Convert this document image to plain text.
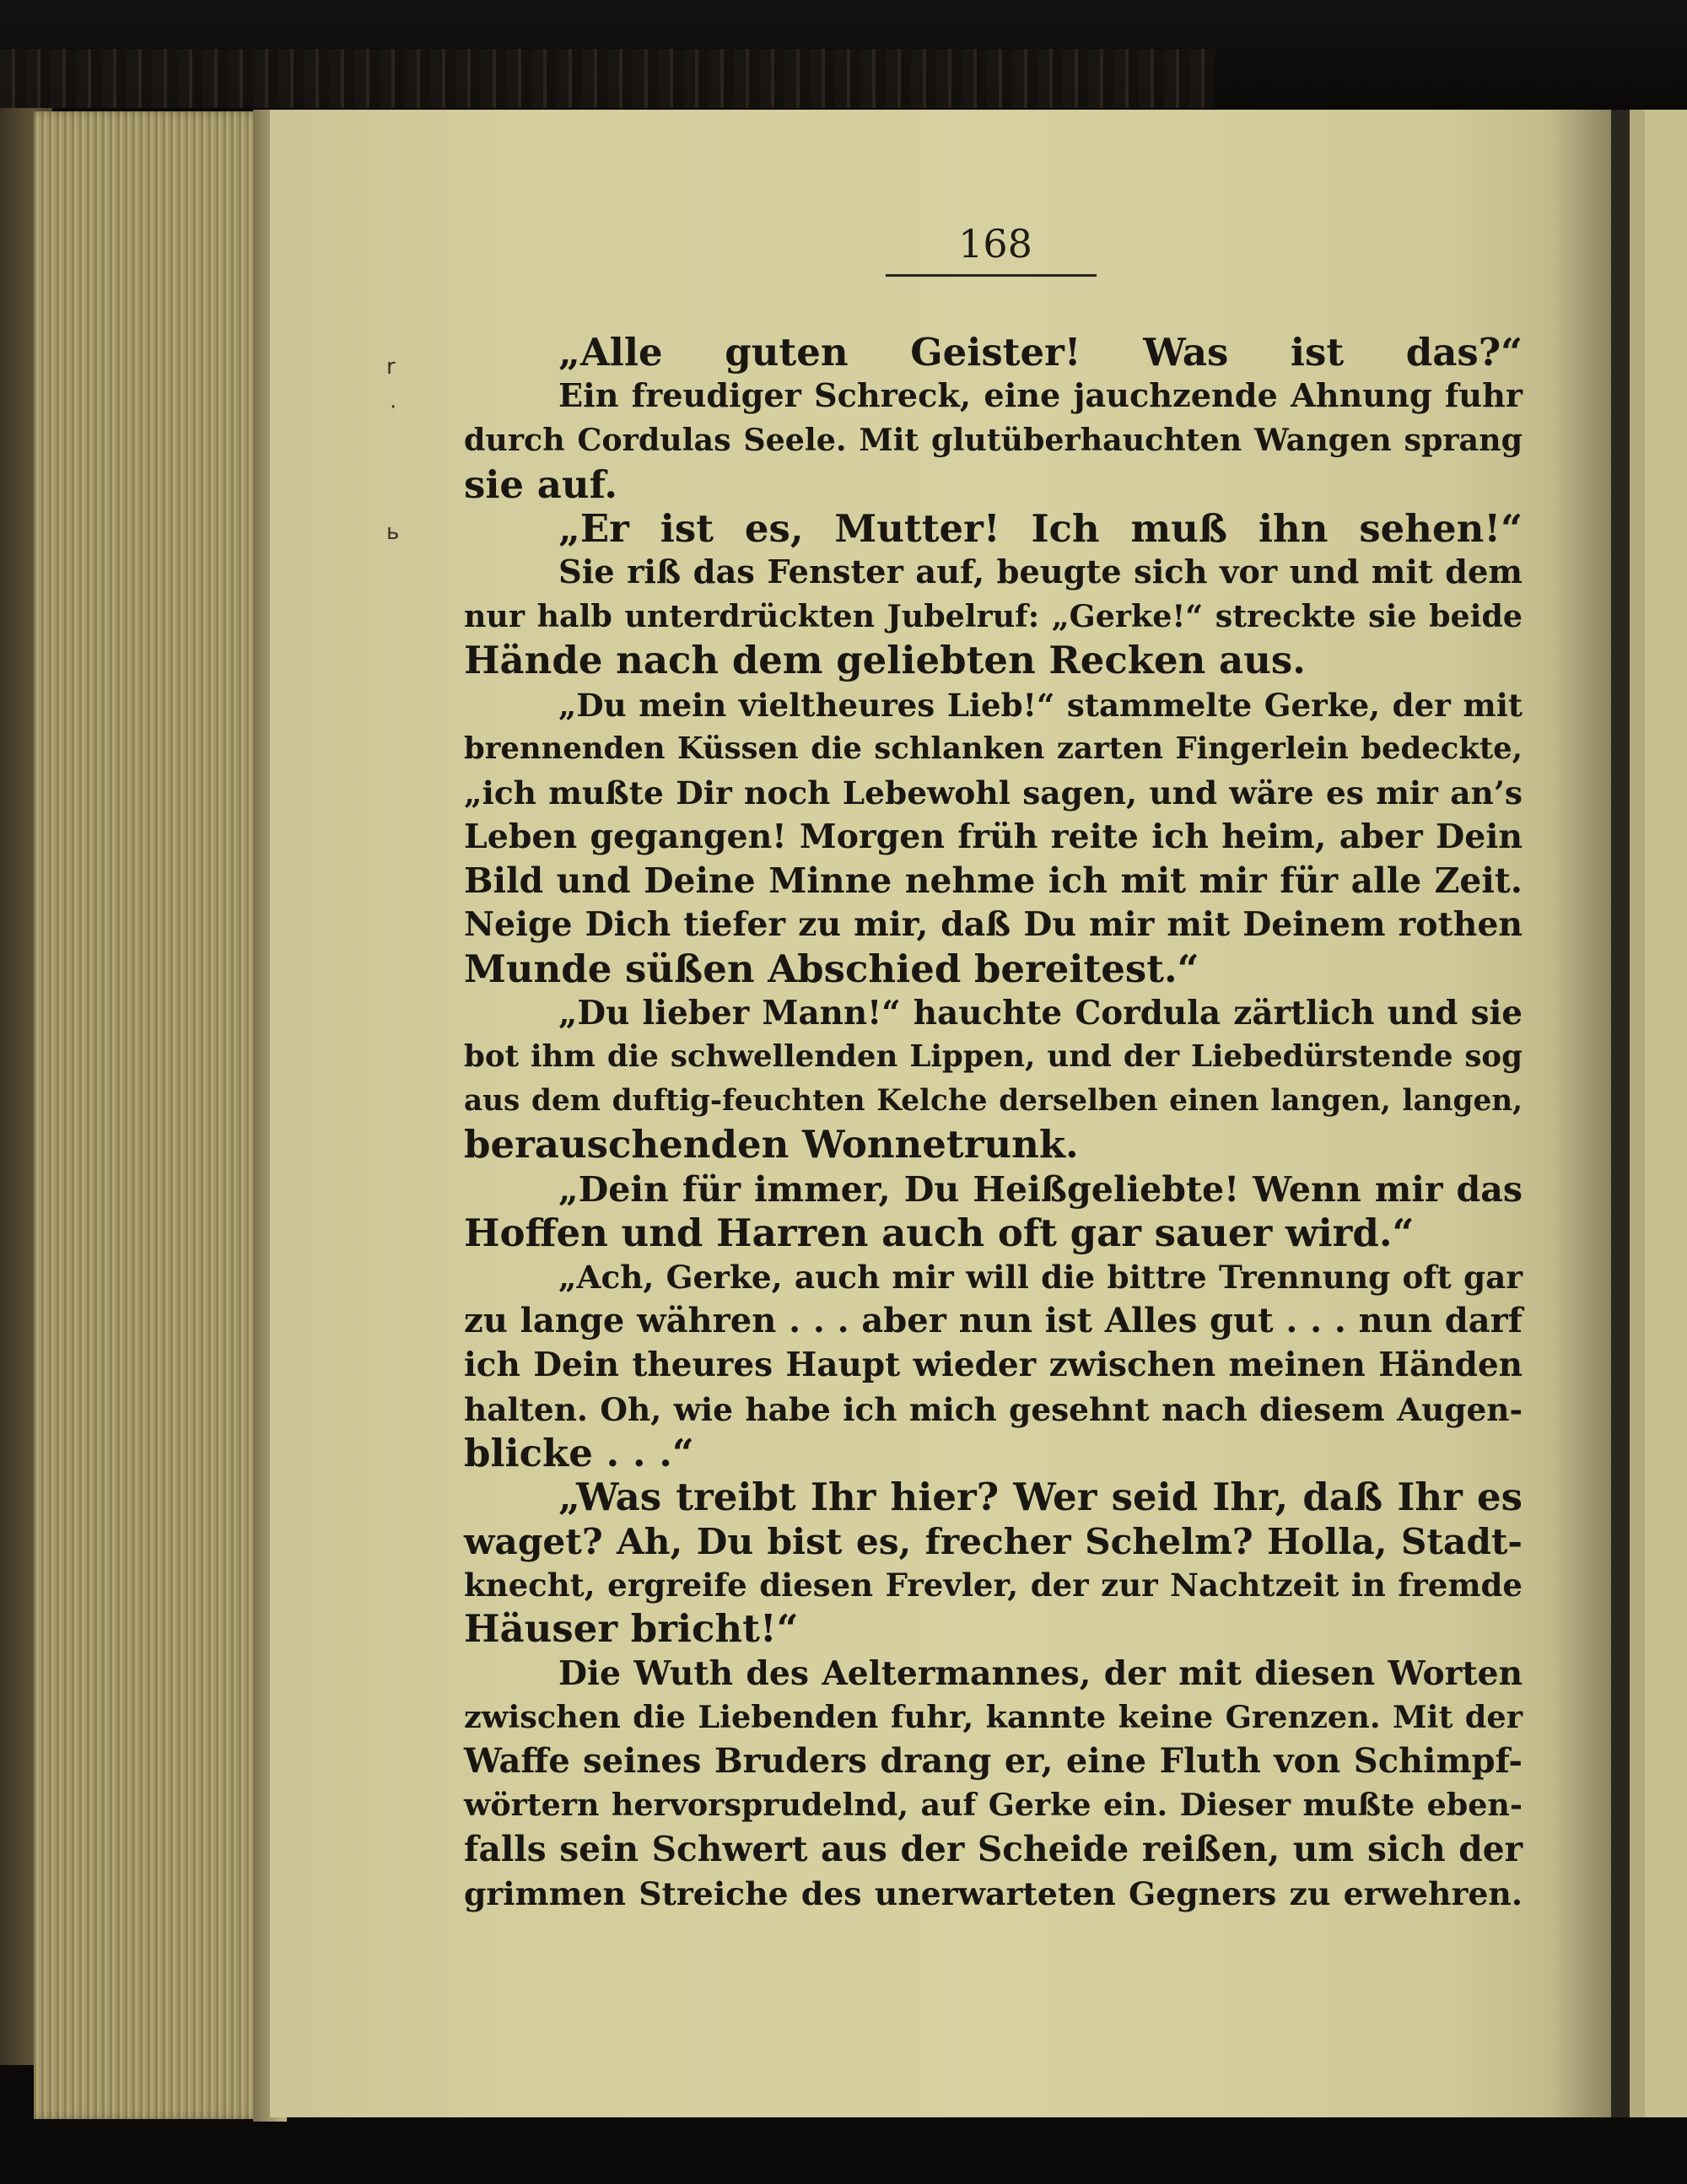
r
·
ь
168
„Alle guten Geister! Was ist das?“
Ein freudiger Schreck, eine jauchzende Ahnung fuhr
durch Cordulas Seele. Mit glutüberhauchten Wangen sprang
sie auf.
„Er ist es, Mutter! Ich muß ihn sehen!“
Sie riß das Fenster auf, beugte sich vor und mit dem
nur halb unterdrückten Jubelruf: „Gerke!“ streckte sie beide
Hände nach dem geliebten Recken aus.
„Du mein vieltheures Lieb!“ stammelte Gerke, der mit
brennenden Küssen die schlanken zarten Fingerlein bedeckte,
„ich mußte Dir noch Lebewohl sagen, und wäre es mir an’s
Leben gegangen! Morgen früh reite ich heim, aber Dein
Bild und Deine Minne nehme ich mit mir für alle Zeit.
Neige Dich tiefer zu mir, daß Du mir mit Deinem rothen
Munde süßen Abschied bereitest.“
„Du lieber Mann!“ hauchte Cordula zärtlich und sie
bot ihm die schwellenden Lippen, und der Liebedürstende sog
aus dem duftig-feuchten Kelche derselben einen langen, langen,
berauschenden Wonnetrunk.
„Dein für immer, Du Heißgeliebte! Wenn mir das
Hoffen und Harren auch oft gar sauer wird.“
„Ach, Gerke, auch mir will die bittre Trennung oft gar
zu lange währen . . . aber nun ist Alles gut . . . nun darf
ich Dein theures Haupt wieder zwischen meinen Händen
halten. Oh, wie habe ich mich gesehnt nach diesem Augen-
blicke . . .“
„Was treibt Ihr hier? Wer seid Ihr, daß Ihr es
waget? Ah, Du bist es, frecher Schelm? Holla, Stadt-
knecht, ergreife diesen Frevler, der zur Nachtzeit in fremde
Häuser bricht!“
Die Wuth des Aeltermannes, der mit diesen Worten
zwischen die Liebenden fuhr, kannte keine Grenzen. Mit der
Waffe seines Bruders drang er, eine Fluth von Schimpf-
wörtern hervorsprudelnd, auf Gerke ein. Dieser mußte eben-
falls sein Schwert aus der Scheide reißen, um sich der
grimmen Streiche des unerwarteten Gegners zu erwehren.
